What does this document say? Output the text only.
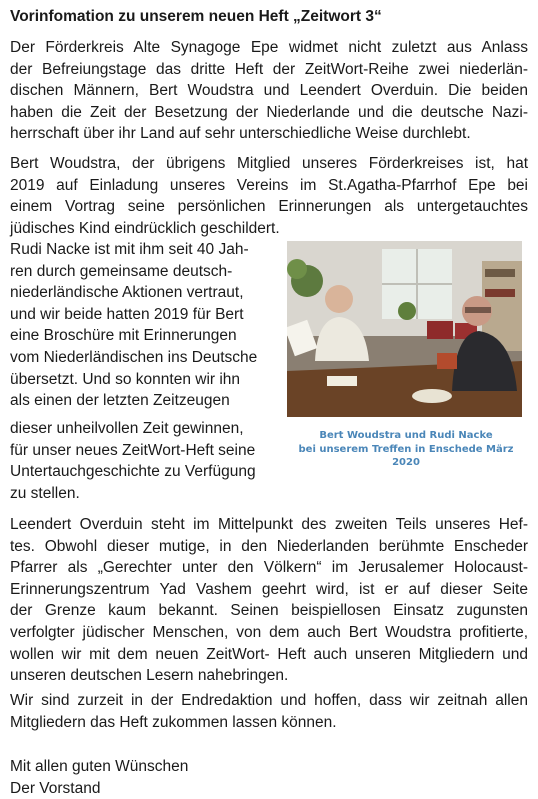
Vorinfomation zu unserem neuen Heft „Zeitwort 3“
Der Förderkreis Alte Synagoge Epe widmet nicht zuletzt aus Anlass
der Befreiungstage das dritte Heft der ZeitWort-Reihe zwei niederlän-
dischen Männern, Bert Woudstra und Leendert Overduin. Die beiden
haben die Zeit der Besetzung der Niederlande und die deutsche Nazi-
herrschaft über ihr Land auf sehr unterschiedliche Weise durchlebt.
Bert Woudstra, der übrigens Mitglied unseres Förderkreises ist, hat
2019 auf Einladung unseres Vereins im St.Agatha-Pfarrhof Epe bei
einem Vortrag seine persönlichen Erinnerungen als untergetauchtes
jüdisches Kind eindrücklich geschildert.
Rudi Nacke ist mit ihm seit 40 Jah-
ren durch gemeinsame deutsch-
niederländische Aktionen vertraut,
und wir beide hatten 2019 für Bert
eine Broschüre mit Erinnerungen
vom Niederländischen ins Deutsche
übersetzt. Und so konnten wir ihn
als einen der letzten Zeitzeugen
dieser unheilvollen Zeit gewinnen,
für unser neues ZeitWort-Heft seine
Untertauchgeschichte zu Verfügung
zu stellen.
Bert Woudstra und Rudi Nacke
bei unserem Treffen in Enschede März
2020
Leendert Overduin steht im Mittelpunkt des zweiten Teils unseres Hef-
tes. Obwohl dieser mutige, in den Niederlanden berühmte Enscheder
Pfarrer als „Gerechter unter den Völkern“ im Jerusalemer Holocaust-
Erinnerungszentrum Yad Vashem geehrt wird, ist er auf dieser Seite
der Grenze kaum bekannt. Seinen beispiellosen Einsatz zugunsten
verfolgter jüdischer Menschen, von dem auch Bert Woudstra profitierte,
wollen wir mit dem neuen ZeitWort- Heft auch unseren Mitgliedern und
unseren deutschen Lesern nahebringen.
Wir sind zurzeit in der Endredaktion und hoffen, dass wir zeitnah allen
Mitgliedern das Heft zukommen lassen können.
Mit allen guten Wünschen
Der Vorstand
